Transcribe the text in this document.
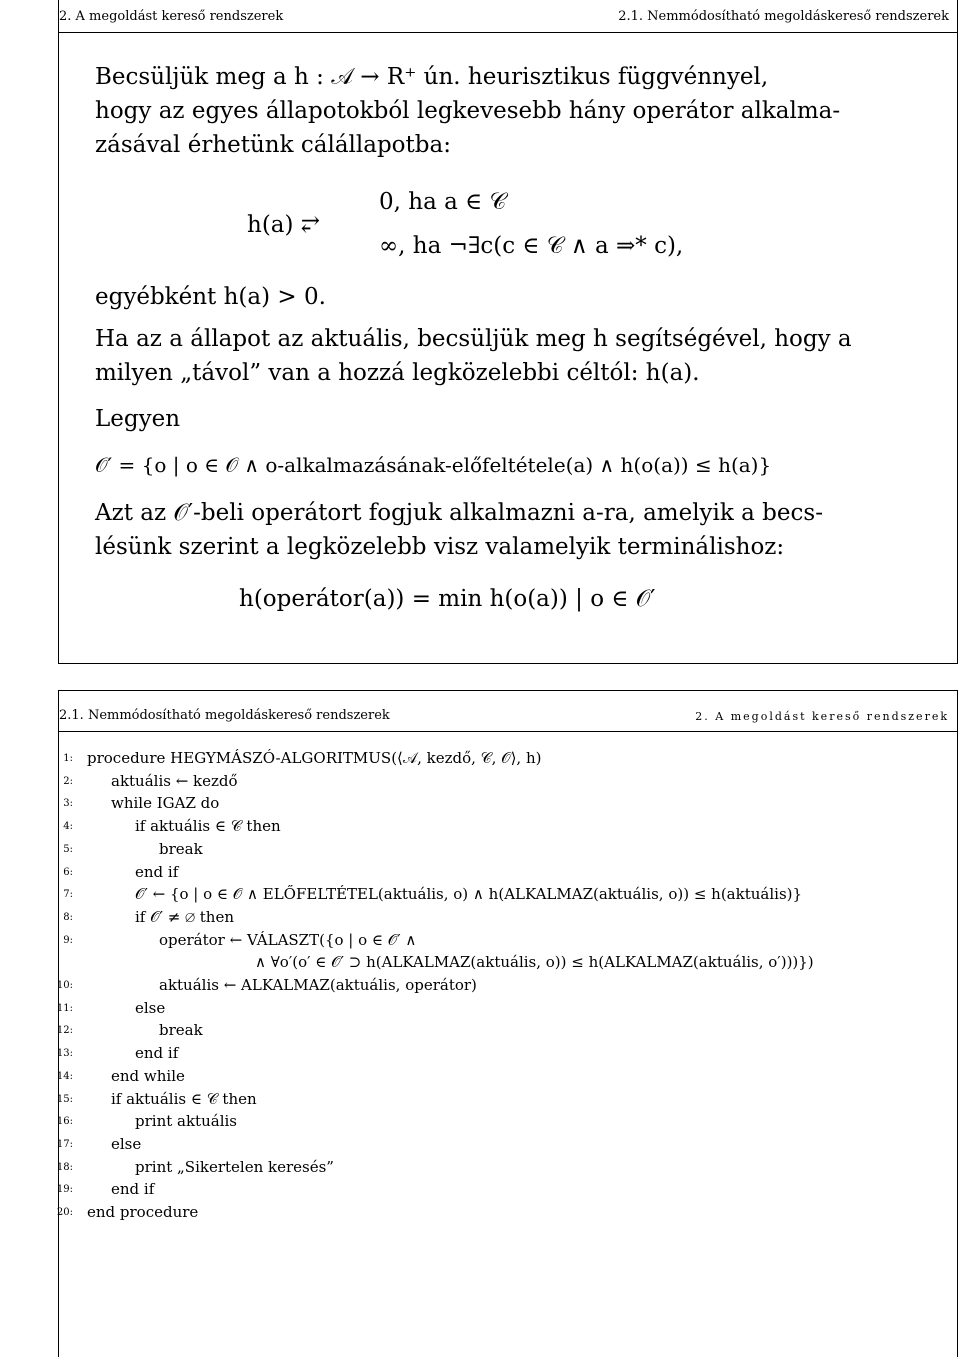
2. A megoldást kereső rendszerek	2.1. Nemmódosítható megoldáskereső rendszerek
Becsüljük meg a h : 𝒜 → R⁺ ún. heurisztikus függvénnyel,
hogy az egyes állapotokból legkevesebb hány operátor alkalma-
zásával érhetünk cálállapotba:
h(a) ⥂
0, ha a ∈ 𝒞
∞, ha ¬∃c(c ∈ 𝒞 ∧ a ⇒* c),
egyébként h(a) > 0.
Ha az a állapot az aktuális, becsüljük meg h segítségével, hogy a
milyen „távol” van a hozzá legközelebbi céltól: h(a).
Legyen
𝒪′ = {o | o ∈ 𝒪 ∧ o-alkalmazásának-előfeltétele(a) ∧ h(o(a)) ≤ h(a)}
Azt az 𝒪′-beli operátort fogjuk alkalmazni a-ra, amelyik a becs-
lésünk szerint a legközelebb visz valamelyik terminálishoz:
h(operátor(a)) = min h(o(a)) | o ∈ 𝒪′
2.1. Nemmódosítható megoldáskereső rendszerek	2. A megoldást kereső rendszerek
1: procedure HEGYMÁSZÓ-ALGORITMUS(⟨𝒜, kezdő, 𝒞, 𝒪⟩, h)
2:	aktuális ← kezdő
3:	while IGAZ do
4:	if aktuális ∈ 𝒞 then
5:	break
6:	end if
7:	𝒪′ ← {o | o ∈ 𝒪 ∧ ELŐFELTÉTEL(aktuális, o) ∧ h(ALKALMAZ(aktuális, o)) ≤ h(aktuális)}
8:	if 𝒪′ ≠ ∅ then
9:	operátor ← VÁLASZT({o | o ∈ 𝒪′ ∧
∧ ∀o′(o′ ∈ 𝒪′ ⊃ h(ALKALMAZ(aktuális, o)) ≤ h(ALKALMAZ(aktuális, o′)))})
10:	aktuális ← ALKALMAZ(aktuális, operátor)
11:	else
12:	break
13:	end if
14:	end while
15:	if aktuális ∈ 𝒞 then
16:	print aktuális
17:	else
18:	print „Sikertelen keresés”
19:	end if
20: end procedure
